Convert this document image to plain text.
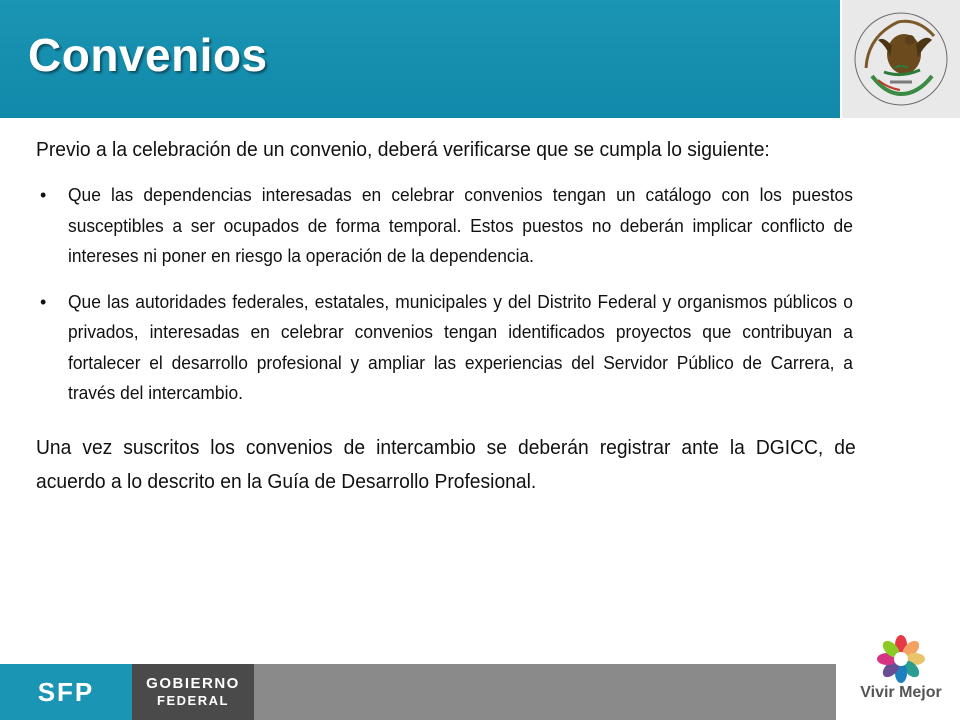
Convenios

Previo a la celebración de un convenio, deberá verificarse que se cumpla lo siguiente:

• Que las dependencias interesadas en celebrar convenios tengan un catálogo con los puestos susceptibles a ser ocupados de forma temporal. Estos puestos no deberán implicar conflicto de intereses ni poner en riesgo la operación de la dependencia.
• Que las autoridades federales, estatales, municipales y del Distrito Federal y organismos públicos o privados, interesadas en celebrar convenios tengan identificados proyectos que contribuyan a fortalecer el desarrollo profesional y ampliar las experiencias del Servidor Público de Carrera, a través del intercambio.

Una vez suscritos los convenios de intercambio se deberán registrar ante la DGICC, de acuerdo a lo descrito en la Guía de Desarrollo Profesional.

SFP	GOBIERNO
FEDERAL	Vivir Mejor
